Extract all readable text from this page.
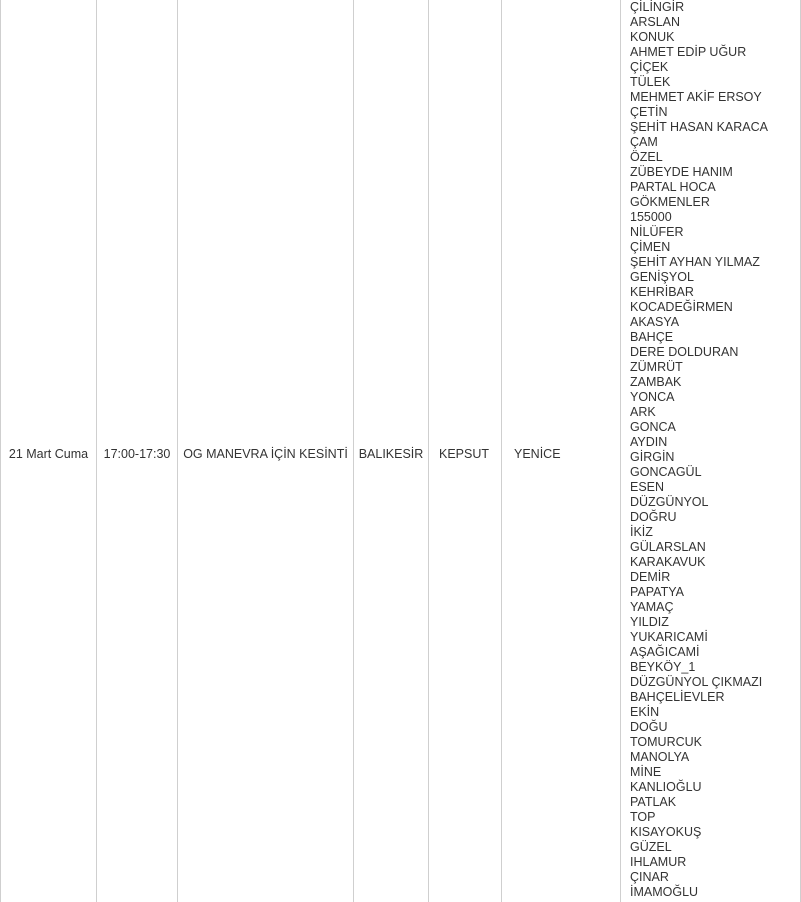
21 Mart Cuma 17:00-17:30 OG MANEVRA İÇİN KESİNTİ BALIKESİR KEPSUT YENİCE
ÇİLİNGİR
ARSLAN
KONUK
AHMET EDİP UĞUR
ÇİÇEK
TÜLEK
MEHMET AKİF ERSOY
ÇETİN
ŞEHİT HASAN KARACA
ÇAM
ÖZEL
ZÜBEYDE HANIM
PARTAL HOCA
GÖKMENLER
155000
NİLÜFER
ÇİMEN
ŞEHİT AYHAN YILMAZ
GENİŞYOL
KEHRİBAR
KOCADEĞİRMEN
AKASYA
BAHÇE
DERE DOLDURAN
ZÜMRÜT
ZAMBAK
YONCA
ARK
GONCA
AYDIN
GİRGİN
GONCAGÜL
ESEN
DÜZGÜNYOL
DOĞRU
İKİZ
GÜLARSLAN
KARAKAVUK
DEMİR
PAPATYA
YAMAÇ
YILDIZ
YUKARICAMİ
AŞAĞICAMİ
BEYKÖY_1
DÜZGÜNYOL ÇIKMAZI
BAHÇELİEVLER
EKİN
DOĞU
TOMURCUK
MANOLYA
MİNE
KANLIOĞLU
PATLAK
TOP
KISAYOKUŞ
GÜZEL
IHLAMUR
ÇINAR
İMAMOĞLU
